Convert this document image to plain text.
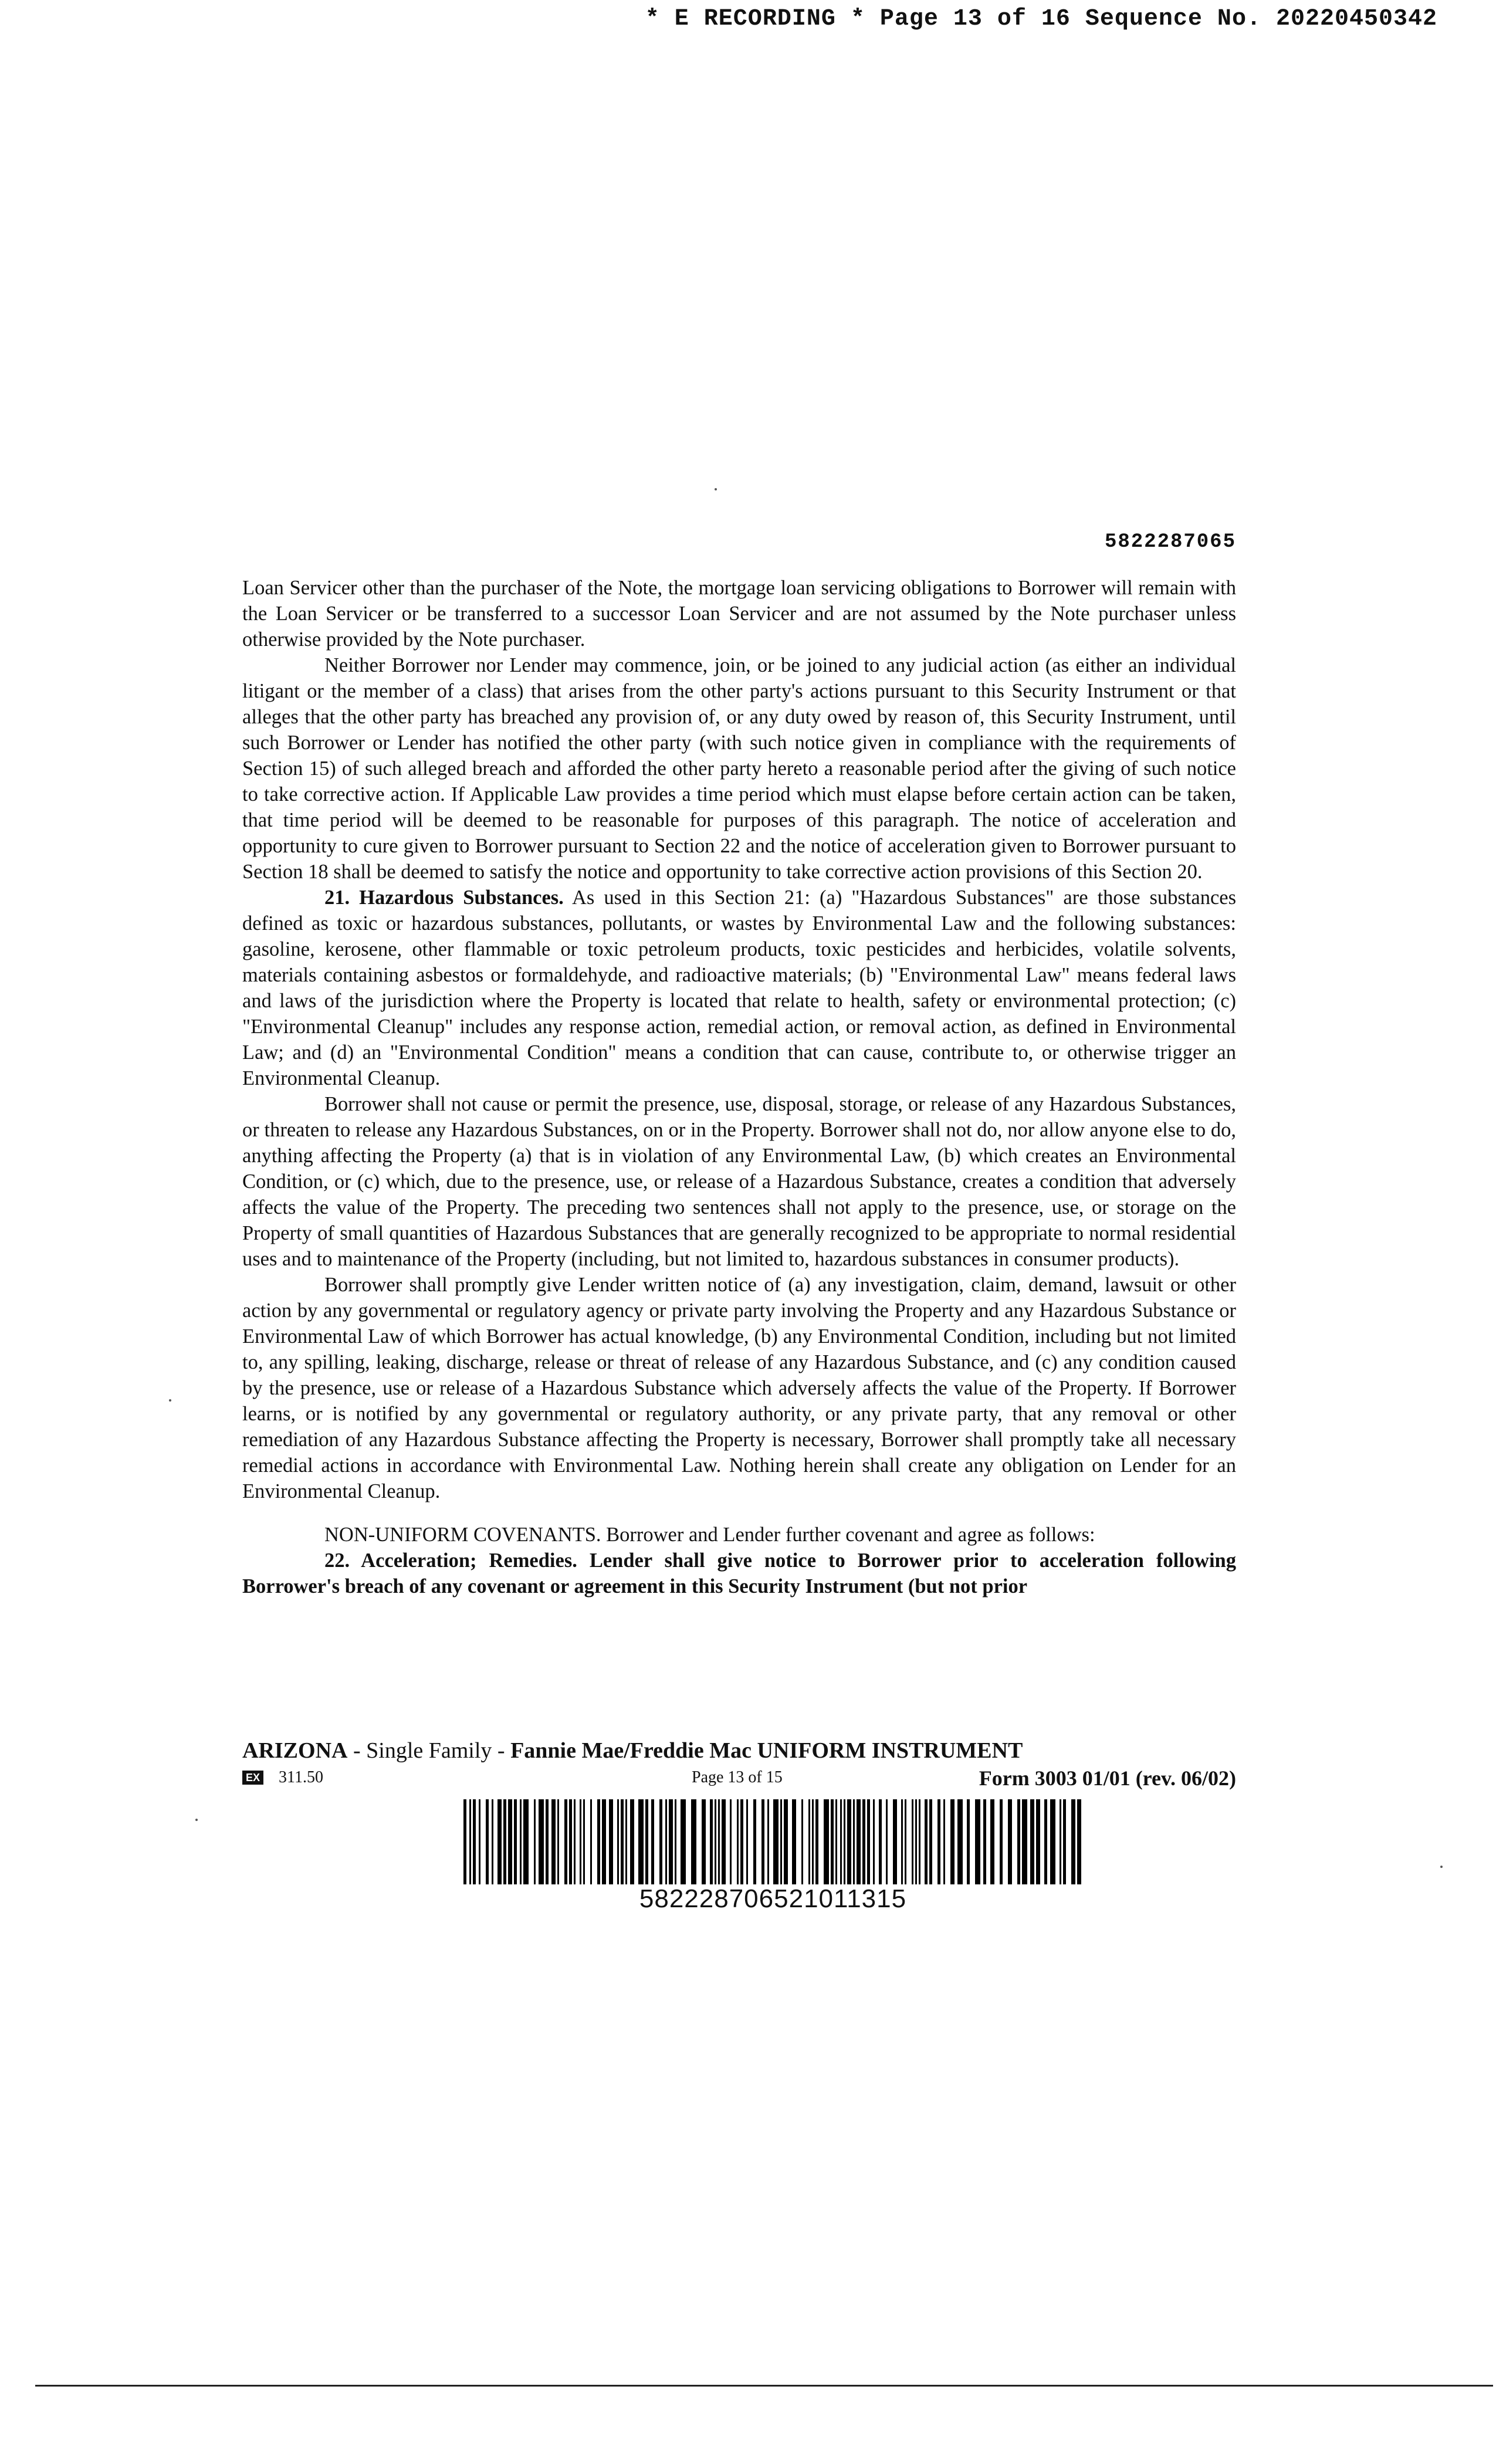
* E RECORDING * Page 13 of 16 Sequence No. 20220450342
5822287065

Loan Servicer other than the purchaser of the Note, the mortgage loan servicing obligations to Borrower will remain with the Loan Servicer or be transferred to a successor Loan Servicer and are not assumed by the Note purchaser unless otherwise provided by the Note purchaser.

Neither Borrower nor Lender may commence, join, or be joined to any judicial action (as either an individual litigant or the member of a class) that arises from the other party's actions pursuant to this Security Instrument or that alleges that the other party has breached any provision of, or any duty owed by reason of, this Security Instrument, until such Borrower or Lender has notified the other party (with such notice given in compliance with the requirements of Section 15) of such alleged breach and afforded the other party hereto a reasonable period after the giving of such notice to take corrective action. If Applicable Law provides a time period which must elapse before certain action can be taken, that time period will be deemed to be reasonable for purposes of this paragraph. The notice of acceleration and opportunity to cure given to Borrower pursuant to Section 22 and the notice of acceleration given to Borrower pursuant to Section 18 shall be deemed to satisfy the notice and opportunity to take corrective action provisions of this Section 20.

21. Hazardous Substances. As used in this Section 21: (a) "Hazardous Substances" are those substances defined as toxic or hazardous substances, pollutants, or wastes by Environmental Law and the following substances: gasoline, kerosene, other flammable or toxic petroleum products, toxic pesticides and herbicides, volatile solvents, materials containing asbestos or formaldehyde, and radioactive materials; (b) "Environmental Law" means federal laws and laws of the jurisdiction where the Property is located that relate to health, safety or environmental protection; (c) "Environmental Cleanup" includes any response action, remedial action, or removal action, as defined in Environmental Law; and (d) an "Environmental Condition" means a condition that can cause, contribute to, or otherwise trigger an Environmental Cleanup.

Borrower shall not cause or permit the presence, use, disposal, storage, or release of any Hazardous Substances, or threaten to release any Hazardous Substances, on or in the Property. Borrower shall not do, nor allow anyone else to do, anything affecting the Property (a) that is in violation of any Environmental Law, (b) which creates an Environmental Condition, or (c) which, due to the presence, use, or release of a Hazardous Substance, creates a condition that adversely affects the value of the Property. The preceding two sentences shall not apply to the presence, use, or storage on the Property of small quantities of Hazardous Substances that are generally recognized to be appropriate to normal residential uses and to maintenance of the Property (including, but not limited to, hazardous substances in consumer products).

Borrower shall promptly give Lender written notice of (a) any investigation, claim, demand, lawsuit or other action by any governmental or regulatory agency or private party involving the Property and any Hazardous Substance or Environmental Law of which Borrower has actual knowledge, (b) any Environmental Condition, including but not limited to, any spilling, leaking, discharge, release or threat of release of any Hazardous Substance, and (c) any condition caused by the presence, use or release of a Hazardous Substance which adversely affects the value of the Property. If Borrower learns, or is notified by any governmental or regulatory authority, or any private party, that any removal or other remediation of any Hazardous Substance affecting the Property is necessary, Borrower shall promptly take all necessary remedial actions in accordance with Environmental Law. Nothing herein shall create any obligation on Lender for an Environmental Cleanup.

NON-UNIFORM COVENANTS. Borrower and Lender further covenant and agree as follows:

22. Acceleration; Remedies. Lender shall give notice to Borrower prior to acceleration following Borrower's breach of any covenant or agreement in this Security Instrument (but not prior

ARIZONA - Single Family - Fannie Mae/Freddie Mac UNIFORM INSTRUMENT
EX 311.50	Page 13 of 15	Form 3003 01/01 (rev. 06/02)
582228706521011315
